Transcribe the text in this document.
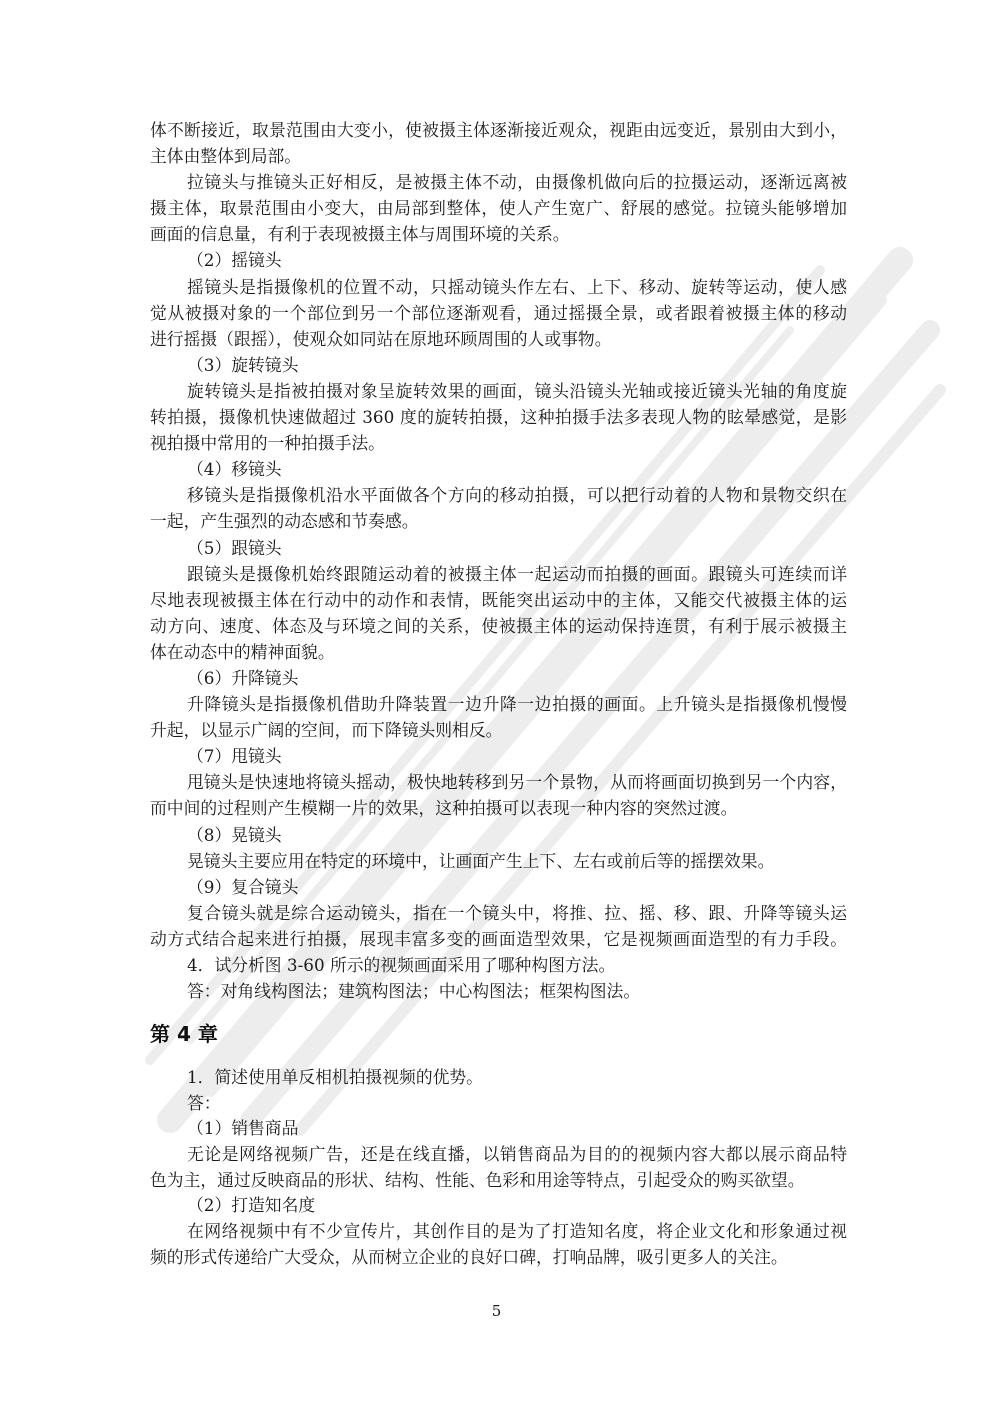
体不断接近，取景范围由大变小，使被摄主体逐渐接近观众，视距由远变近，景别由大到小，
主体由整体到局部。
拉镜头与推镜头正好相反，是被摄主体不动，由摄像机做向后的拉摄运动，逐渐远离被
摄主体，取景范围由小变大，由局部到整体，使人产生宽广、舒展的感觉。拉镜头能够增加
画面的信息量，有利于表现被摄主体与周围环境的关系。
（2）摇镜头
摇镜头是指摄像机的位置不动，只摇动镜头作左右、上下、移动、旋转等运动，使人感
觉从被摄对象的一个部位到另一个部位逐渐观看，通过摇摄全景，或者跟着被摄主体的移动
进行摇摄（跟摇），使观众如同站在原地环顾周围的人或事物。
（3）旋转镜头
旋转镜头是指被拍摄对象呈旋转效果的画面，镜头沿镜头光轴或接近镜头光轴的角度旋
转拍摄，摄像机快速做超过 360 度的旋转拍摄，这种拍摄手法多表现人物的眩晕感觉，是影
视拍摄中常用的一种拍摄手法。
（4）移镜头
移镜头是指摄像机沿水平面做各个方向的移动拍摄，可以把行动着的人物和景物交织在
一起，产生强烈的动态感和节奏感。
（5）跟镜头
跟镜头是摄像机始终跟随运动着的被摄主体一起运动而拍摄的画面。跟镜头可连续而详
尽地表现被摄主体在行动中的动作和表情，既能突出运动中的主体，又能交代被摄主体的运
动方向、速度、体态及与环境之间的关系，使被摄主体的运动保持连贯，有利于展示被摄主
体在动态中的精神面貌。
（6）升降镜头
升降镜头是指摄像机借助升降装置一边升降一边拍摄的画面。上升镜头是指摄像机慢慢
升起，以显示广阔的空间，而下降镜头则相反。
（7）甩镜头
甩镜头是快速地将镜头摇动，极快地转移到另一个景物，从而将画面切换到另一个内容，
而中间的过程则产生模糊一片的效果，这种拍摄可以表现一种内容的突然过渡。
（8）晃镜头
晃镜头主要应用在特定的环境中，让画面产生上下、左右或前后等的摇摆效果。
（9）复合镜头
复合镜头就是综合运动镜头，指在一个镜头中，将推、拉、摇、移、跟、升降等镜头运
动方式结合起来进行拍摄，展现丰富多变的画面造型效果，它是视频画面造型的有力手段。
4．试分析图 3-60 所示的视频画面采用了哪种构图方法。
答：对角线构图法；建筑构图法；中心构图法；框架构图法。
第 4 章
1．简述使用单反相机拍摄视频的优势。
答：
（1）销售商品
无论是网络视频广告，还是在线直播，以销售商品为目的的视频内容大都以展示商品特
色为主，通过反映商品的形状、结构、性能、色彩和用途等特点，引起受众的购买欲望。
（2）打造知名度
在网络视频中有不少宣传片，其创作目的是为了打造知名度，将企业文化和形象通过视
频的形式传递给广大受众，从而树立企业的良好口碑，打响品牌，吸引更多人的关注。
5
